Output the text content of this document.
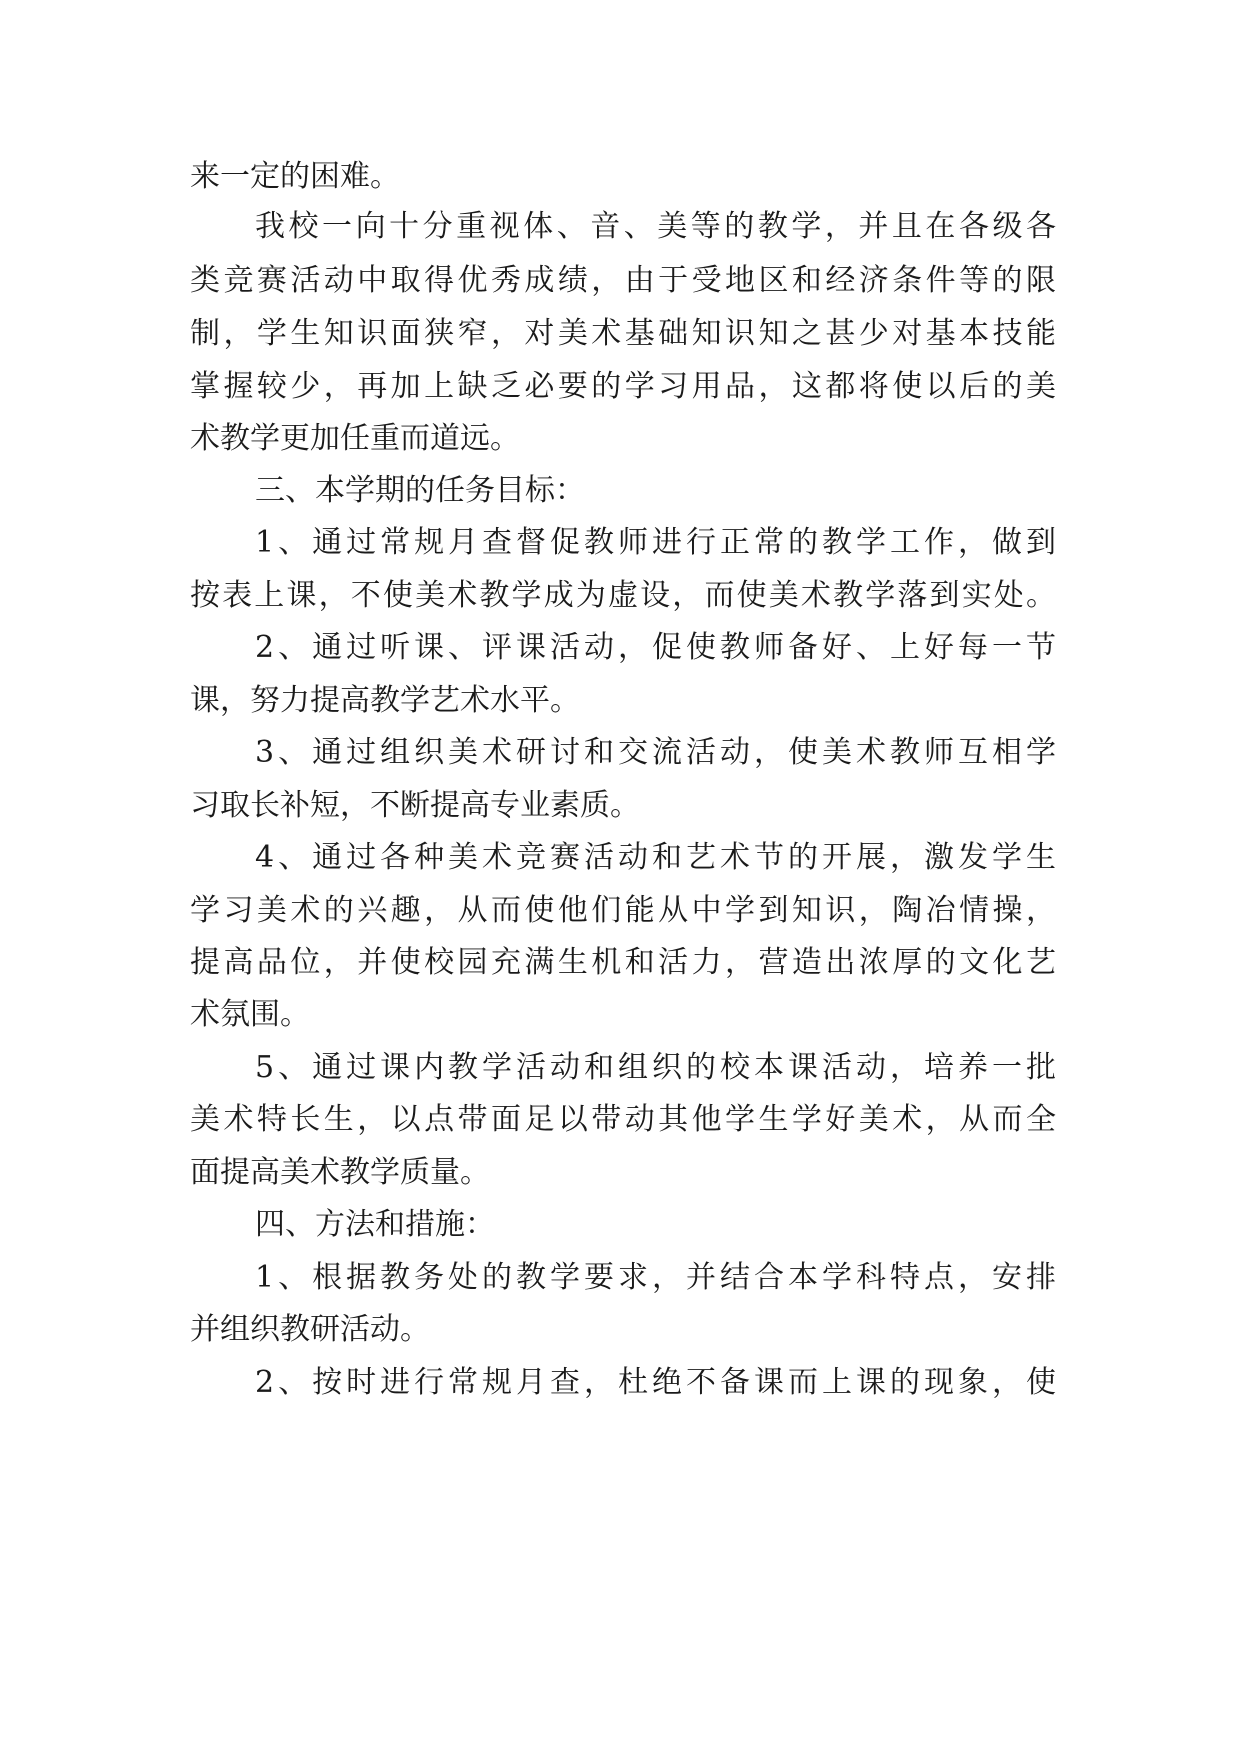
来一定的困难。
我校一向十分重视体、音、美等的教学，并且在各级各
类竞赛活动中取得优秀成绩，由于受地区和经济条件等的限
制，学生知识面狭窄，对美术基础知识知之甚少对基本技能
掌握较少，再加上缺乏必要的学习用品，这都将使以后的美
术教学更加任重而道远。
三、本学期的任务目标：
1、通过常规月查督促教师进行正常的教学工作，做到
按表上课，不使美术教学成为虚设，而使美术教学落到实处。
2、通过听课、评课活动，促使教师备好、上好每一节
课，努力提高教学艺术水平。
3、通过组织美术研讨和交流活动，使美术教师互相学
习取长补短，不断提高专业素质。
4、通过各种美术竞赛活动和艺术节的开展，激发学生
学习美术的兴趣，从而使他们能从中学到知识，陶冶情操，
提高品位，并使校园充满生机和活力，营造出浓厚的文化艺
术氛围。
5、通过课内教学活动和组织的校本课活动，培养一批
美术特长生，以点带面足以带动其他学生学好美术，从而全
面提高美术教学质量。
四、方法和措施：
1、根据教务处的教学要求，并结合本学科特点，安排
并组织教研活动。
2、按时进行常规月查，杜绝不备课而上课的现象，使
